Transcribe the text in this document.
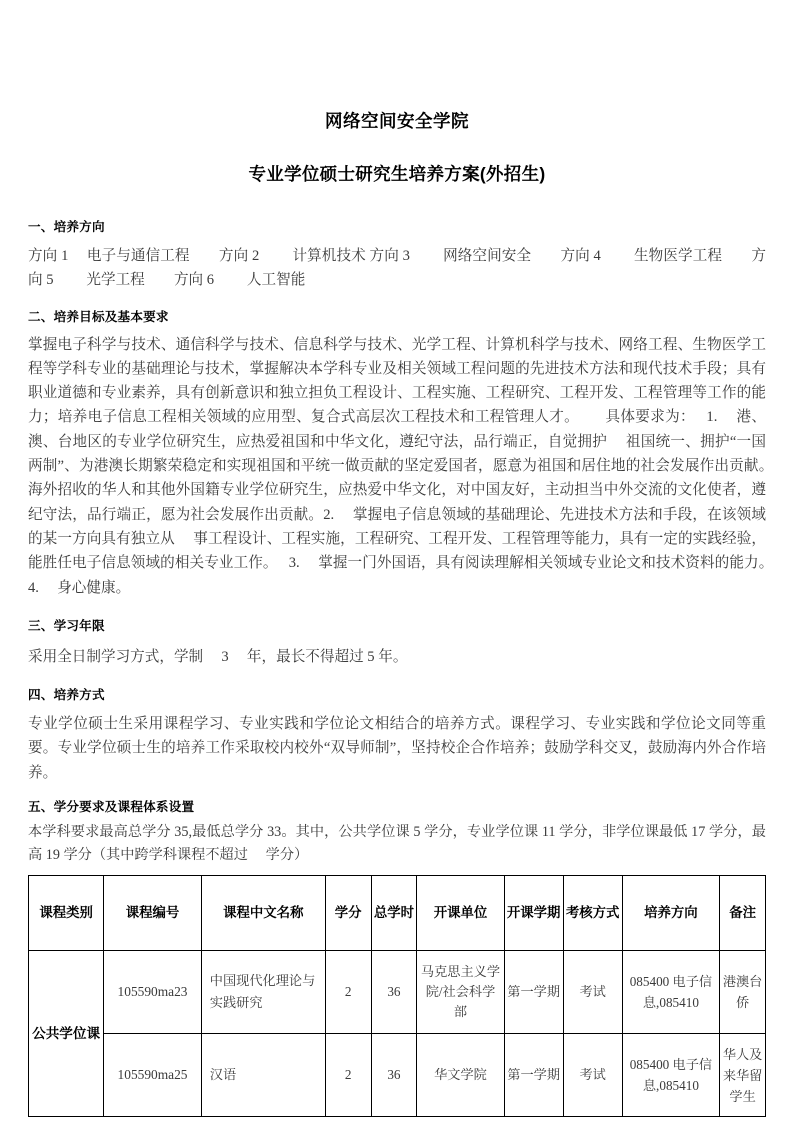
网络空间安全学院
专业学位硕士研究生培养方案(外招生)
一、培养方向

方向 1　 电子与通信工程　　方向 2　　 计算机技术 方向 3　　 网络空间安全　　方向 4　　 生物医学工程　　方向 5　　 光学工程　　方向 6　　 人工智能

二、培养目标及基本要求

掌握电子科学与技术、通信科学与技术、信息科学与技术、光学工程、计算机科学与技术、网络工程、生物医学工程等学科专业的基础理论与技术，掌握解决本学科专业及相关领域工程问题的先进技术方法和现代技术手段；具有职业道德和专业素养，具有创新意识和独立担负工程设计、工程实施、工程研究、工程开发、工程管理等工作的能力；培养电子信息工程相关领域的应用型、复合式高层次工程技术和工程管理人才。　　 具体要求为：　 1.　 港、澳、台地区的专业学位研究生，应热爱祖国和中华文化，遵纪守法，品行端正，自觉拥护　 祖国统一、拥护“一国两制”、为港澳长期繁荣稳定和实现祖国和平统一做贡献的坚定爱国者，愿意为祖国和居住地的社会发展作出贡献。　 海外招收的华人和其他外国籍专业学位研究生，应热爱中华文化，对中国友好，主动担当中外交流的文化使者，遵纪守法，品行端正，愿为社会发展作出贡献。2.　 掌握电子信息领域的基础理论、先进技术方法和手段，在该领域的某一方向具有独立从　 事工程设计、工程实施，工程研究、工程开发、工程管理等能力，具有一定的实践经验，能胜任电子信息领域的相关专业工作。　 3.　 掌握一门外国语，具有阅读理解相关领域专业论文和技术资料的能力。　 4.　 身心健康。

三、学习年限

采用全日制学习方式，学制　 3　 年，最长不得超过 5 年。

四、培养方式

专业学位硕士生采用课程学习、专业实践和学位论文相结合的培养方式。课程学习、专业实践和学位论文同等重要。专业学位硕士生的培养工作采取校内校外“双导师制”，坚持校企合作培养；鼓励学科交叉，鼓励海内外合作培养。

五、学分要求及课程体系设置

本学科要求最高总学分 35,最低总学分 33。其中，公共学位课 5 学分，专业学位课 11 学分，非学位课最低 17 学分，最高 19 学分（其中跨学科课程不超过　 学分）

课程类别	课程编号	课程中文名称	学分	总学时	开课单位	开课学期	考核方式	培养方向	备注
公共学位课	105590ma23	中国现代化理论与实践研究	2	36	马克思主义学院/社会科学部	第一学期	考试	085400 电子信息,085410	港澳台侨
	105590ma25	汉语	2	36	华文学院	第一学期	考试	085400 电子信息,085410	华人及来华留学生
